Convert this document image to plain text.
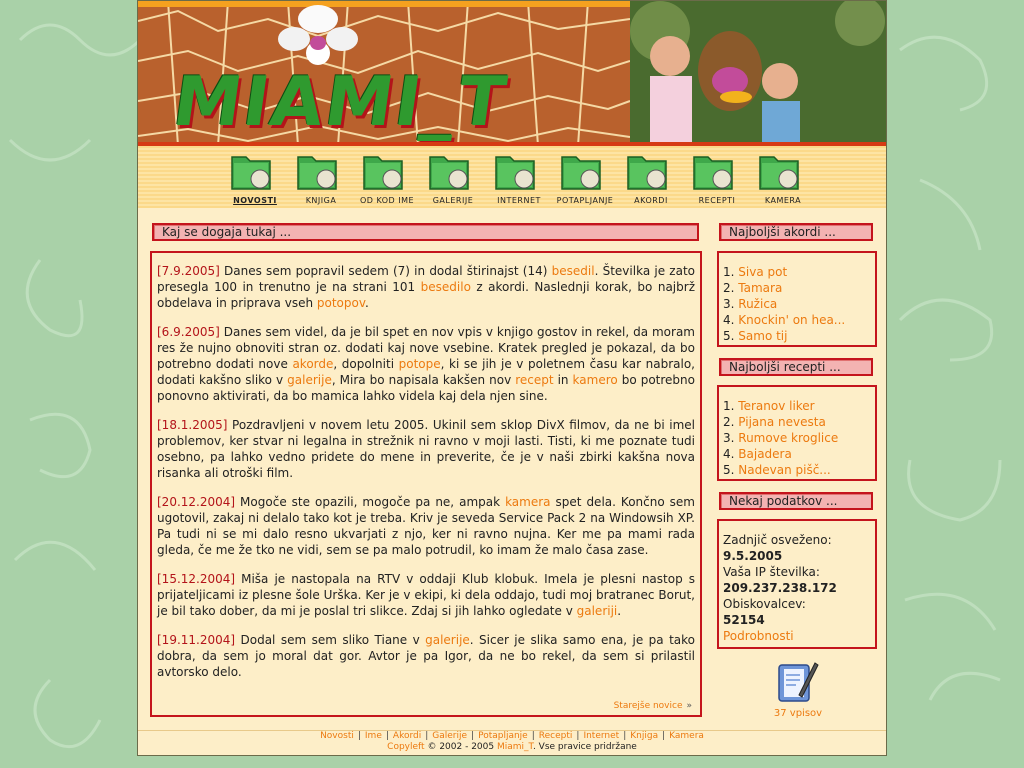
MIAMI_T
NOVOSTI	KNJIGA	OD KOD IME	GALERIJE	INTERNET	POTAPLJANJE	AKORDI	RECEPTI	KAMERA
Kaj se dogaja tukaj ...

[7.9.2005] Danes sem popravil sedem (7) in dodal štirinajst (14) besedil. Številka je zato presegla 100 in trenutno je na strani 101 besedilo z akordi. Naslednji korak, bo najbrž obdelava in priprava vseh potopov.

[6.9.2005] Danes sem videl, da je bil spet en nov vpis v knjigo gostov in rekel, da moram res že nujno obnoviti stran oz. dodati kaj nove vsebine. Kratek pregled je pokazal, da bo potrebno dodati nove akorde, dopolniti potope, ki se jih je v poletnem času kar nabralo, dodati kakšno sliko v galerije, Mira bo napisala kakšen nov recept in kamero bo potrebno ponovno aktivirati, da bo mamica lahko videla kaj dela njen sine.

[18.1.2005] Pozdravljeni v novem letu 2005. Ukinil sem sklop DivX filmov, da ne bi imel problemov, ker stvar ni legalna in strežnik ni ravno v moji lasti. Tisti, ki me poznate tudi osebno, pa lahko vedno pridete do mene in preverite, če je v naši zbirki kakšna nova risanka ali otroški film.

[20.12.2004] Mogoče ste opazili, mogoče pa ne, ampak kamera spet dela. Končno sem ugotovil, zakaj ni delalo tako kot je treba. Kriv je seveda Service Pack 2 na Windowsih XP. Pa tudi ni se mi dalo resno ukvarjati z njo, ker ni ravno nujna. Ker me pa mami rada gleda, če me že tko ne vidi, sem se pa malo potrudil, ko imam že malo časa zase.

[15.12.2004] Miša je nastopala na RTV v oddaji Klub klobuk. Imela je plesni nastop s prijateljicami iz plesne šole Urška. Ker je v ekipi, ki dela oddajo, tudi moj bratranec Borut, je bil tako dober, da mi je poslal tri slikce. Zdaj si jih lahko ogledate v galeriji.

[19.11.2004] Dodal sem sem sliko Tiane v galerije. Sicer je slika samo ena, je pa tako dobra, da sem jo moral dat gor. Avtor je pa Igor, da ne bo rekel, da sem si prilastil avtorsko delo.

Starejše novice »
Najboljši akordi ...
1. Siva pot
2. Tamara
3. Ružica
4. Knockin' on hea...
5. Samo tij
Najboljši recepti ...
1. Teranov liker
2. Pijana nevesta
3. Rumove kroglice
4. Bajadera
5. Nadevan pišč...
Nekaj podatkov ...
Zadnjič osveženo:
9.5.2005
Vaša IP številka:
209.237.238.172
Obiskovalcev:
52154
Podrobnosti
37 vpisov
Novosti | Ime | Akordi | Galerije | Potapljanje | Recepti | Internet | Knjiga | Kamera
Copyleft © 2002 - 2005 Miami_T. Vse pravice pridržane
